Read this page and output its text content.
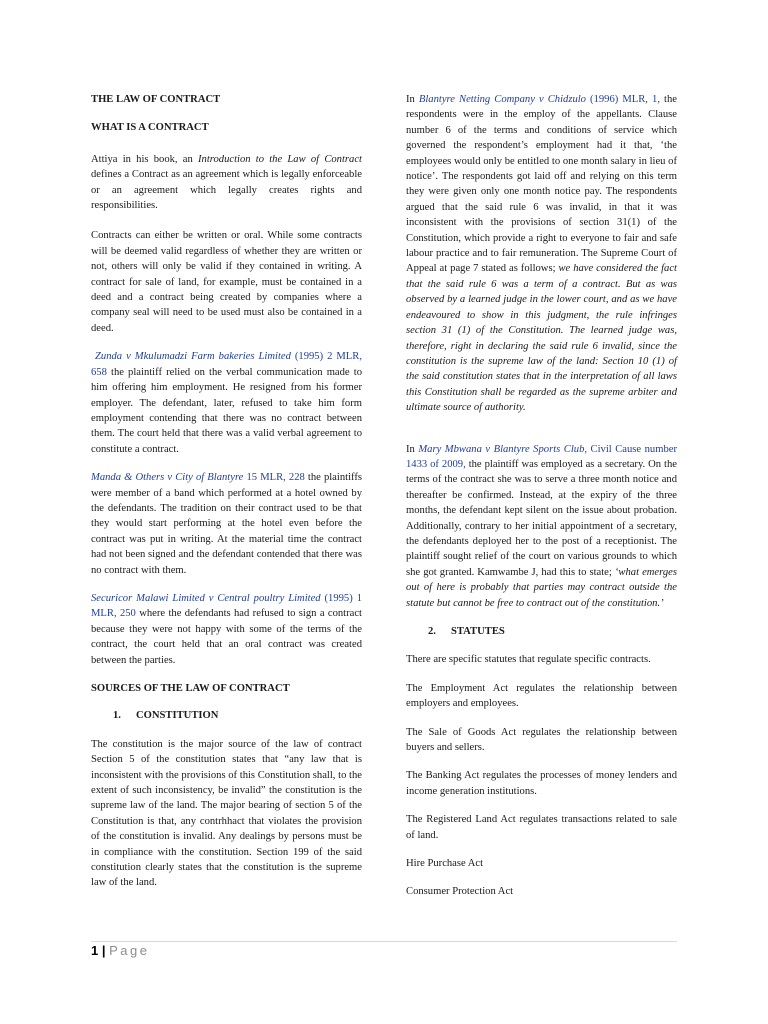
THE LAW OF CONTRACT

WHAT IS A CONTRACT

Attiya in his book, an Introduction to the Law of Contract defines a Contract as an agreement which is legally enforceable or an agreement which legally creates rights and responsibilities.

Contracts can either be written or oral. While some contracts will be deemed valid regardless of whether they are written or not, others will only be valid if they contained in writing. A contract for sale of land, for example, must be contained in a deed and a contract being created by companies where a company seal will need to be used must also be contained in a deed.

Zunda v Mkulumadzi Farm bakeries Limited (1995) 2 MLR, 658 the plaintiff relied on the verbal communication made to him offering him employment. He resigned from his former employer. The defendant, later, refused to take him form employment contending that there was no contract between them. The court held that there was a valid verbal agreement to constitute a contract.

Manda & Others v City of Blantyre 15 MLR, 228 the plaintiffs were member of a band which performed at a hotel owned by the defendants. The tradition on their contract used to be that they would start performing at the hotel even before the contract was put in writing. At the material time the contract had not been signed and the defendant contended that there was no contract with them.

Securicor Malawi Limited v Central poultry Limited (1995) 1 MLR, 250 where the defendants had refused to sign a contract because they were not happy with some of the terms of the contract, the court held that an oral contract was created between the parties.

SOURCES OF THE LAW OF CONTRACT

1. CONSTITUTION

The constitution is the major source of the law of contract Section 5 of the constitution states that “any law that is inconsistent with the provisions of this Constitution shall, to the extent of such inconsistency, be invalid” the constitution is the supreme law of the land. The major bearing of section 5 of the Constitution is that, any contrhhact that violates the provision of the constitution is invalid. Any dealings by persons must be in compliance with the constitution. Section 199 of the said constitution clearly states that the constitution is the supreme law of the land.

In Blantyre Netting Company v Chidzulo (1996) MLR, 1, the respondents were in the employ of the appellants. Clause number 6 of the terms and conditions of service which governed the respondent’s employment had it that, ‘the employees would only be entitled to one month salary in lieu of notice’. The respondents got laid off and relying on this term they were given only one month notice pay. The respondents argued that the said rule 6 was invalid, in that it was inconsistent with the provisions of section 31(1) of the Constitution, which provide a right to everyone to fair and safe labour practice and to fair remuneration. The Supreme Court of Appeal at page 7 stated as follows; we have considered the fact that the said rule 6 was a term of a contract. But as was observed by a learned judge in the lower court, and as we have endeavoured to show in this judgment, the rule infringes section 31 (1) of the Constitution. The learned judge was, therefore, right in declaring the said rule 6 invalid, since the constitution is the supreme law of the land: Section 10 (1) of the said constitution states that in the interpretation of all laws this Constitution shall be regarded as the supreme arbiter and ultimate source of authority.

In Mary Mbwana v Blantyre Sports Club, Civil Cause number 1433 of 2009, the plaintiff was employed as a secretary. On the terms of the contract she was to serve a three month notice and thereafter be confirmed. Instead, at the expiry of the three months, the defendant kept silent on the issue about probation. Additionally, contrary to her initial appointment of a secretary, the defendants deployed her to the post of a receptionist. The plaintiff sought relief of the court on various grounds to which she got granted. Kamwambe J, had this to state; ‘what emerges out of here is probably that parties may contract outside the statute but cannot be free to contract out of the constitution.’

2. STATUTES

There are specific statutes that regulate specific contracts.

The Employment Act regulates the relationship between employers and employees.

The Sale of Goods Act regulates the relationship between buyers and sellers.

The Banking Act regulates the processes of money lenders and income generation institutions.

The Registered Land Act regulates transactions related to sale of land.

Hire Purchase Act

Consumer Protection Act

1 | Page
